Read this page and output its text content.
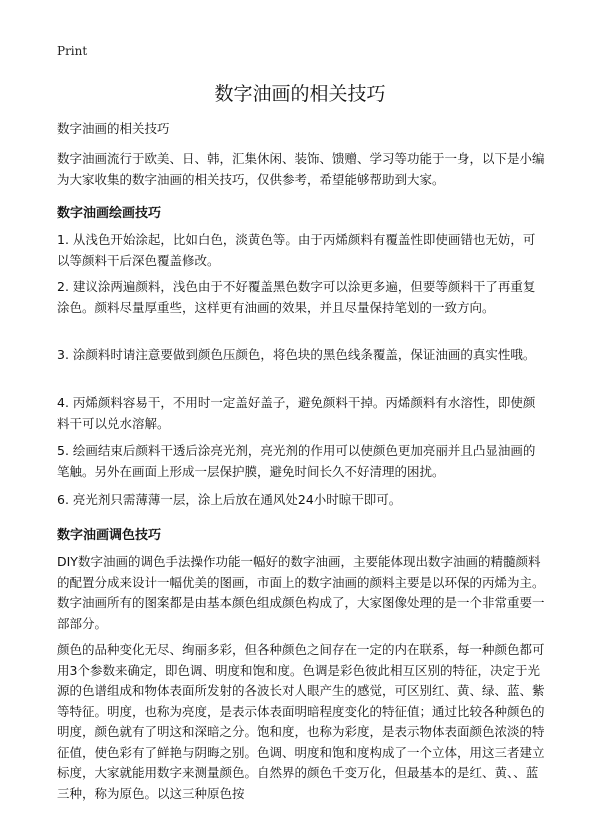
Print
数字油画的相关技巧
数字油画的相关技巧

数字油画流行于欧美、日、韩，汇集休闲、装饰、馈赠、学习等功能于一身，以下是小编为大家收集的数字油画的相关技巧，仅供参考，希望能够帮助到大家。

数字油画绘画技巧

1. 从浅色开始涂起，比如白色，淡黄色等。由于丙烯颜料有覆盖性即使画错也无妨，可以等颜料干后深色覆盖修改。

2. 建议涂两遍颜料，浅色由于不好覆盖黑色数字可以涂更多遍，但要等颜料干了再重复涂色。颜料尽量厚重些，这样更有油画的效果，并且尽量保持笔划的一致方向。

3. 涂颜料时请注意要做到颜色压颜色，将色块的黑色线条覆盖，保证油画的真实性哦。

4. 丙烯颜料容易干，不用时一定盖好盖子，避免颜料干掉。丙烯颜料有水溶性，即使颜料干可以兑水溶解。

5. 绘画结束后颜料干透后涂亮光剂，亮光剂的作用可以使颜色更加亮丽并且凸显油画的笔触。另外在画面上形成一层保护膜，避免时间长久不好清理的困扰。

6. 亮光剂只需薄薄一层，涂上后放在通风处24小时晾干即可。

数字油画调色技巧

DIY数字油画的调色手法操作功能一幅好的数字油画，主要能体现出数字油画的精髓颜料的配置分成来设计一幅优美的图画，市面上的数字油画的颜料主要是以环保的丙烯为主。数字油画所有的图案都是由基本颜色组成颜色构成了，大家图像处理的是一个非常重要一部部分。

颜色的品种变化无尽、绚丽多彩，但各种颜色之间存在一定的内在联系，每一种颜色都可用3个参数来确定，即色调、明度和饱和度。色调是彩色彼此相互区别的特征，决定于光源的色谱组成和物体表面所发射的各波长对人眼产生的感觉，可区别红、黄、绿、蓝、紫等特征。明度，也称为亮度，是表示体表面明暗程度变化的特征值；通过比较各种颜色的明度，颜色就有了明这和深暗之分。饱和度，也称为彩度，是表示物体表面颜色浓淡的特征值，使色彩有了鲜艳与阴晦之别。色调、明度和饱和度构成了一个立体，用这三者建立标度，大家就能用数字来测量颜色。自然界的颜色千变万化，但最基本的是红、黄、、蓝三种，称为原色。以这三种原色按
